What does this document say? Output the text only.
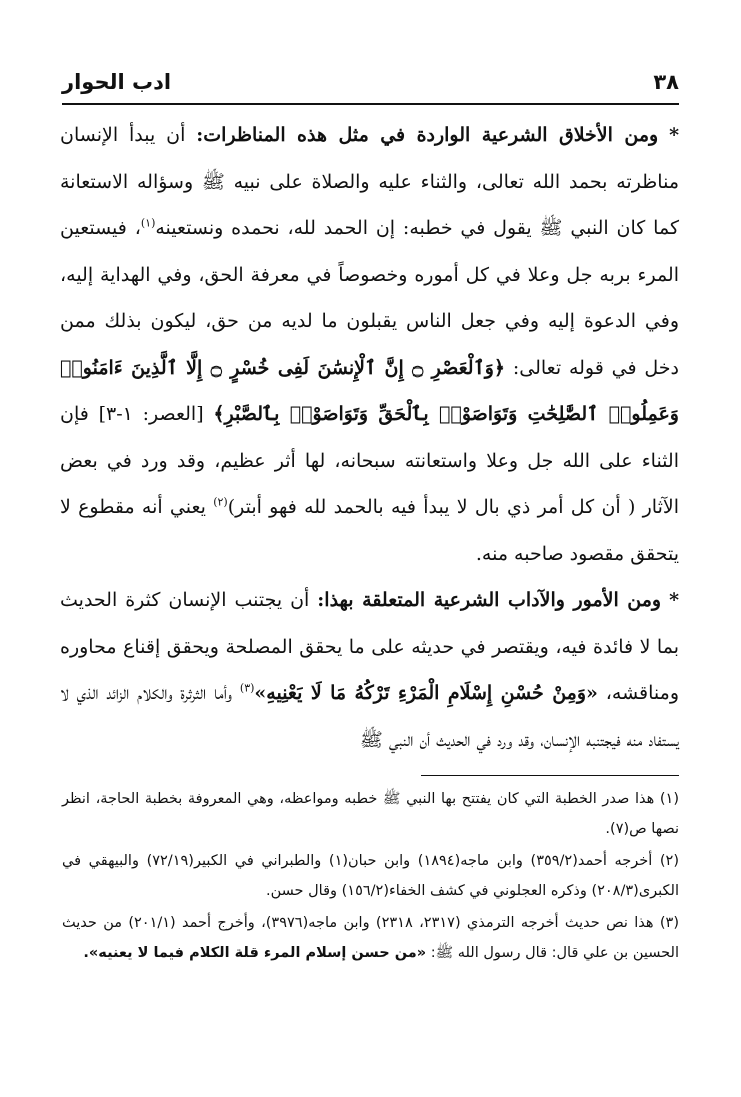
٣٨
ادب الحوار

* ومن الأخلاق الشرعية الواردة في مثل هذه المناظرات: أن يبدأ الإنسان مناظرته بحمد الله تعالى، والثناء عليه والصلاة على نبيه ﷺ وسؤاله الاستعانة كما كان النبي ﷺ يقول في خطبه: إن الحمد لله، نحمده ونستعينه$^{(١)}$، فيستعين المرء بربه جل وعلا في كل أموره وخصوصاً في معرفة الحق، وفي الهداية إليه، وفي الدعوة إليه وفي جعل الناس يقبلون ما لديه من حق، ليكون بذلك ممن دخل في قوله تعالى: ﴿وَٱلْعَصْرِ ۝ إِنَّ ٱلْإِنسَٰنَ لَفِى خُسْرٍ ۝ إِلَّا ٱلَّذِينَ ءَامَنُوا۟ وَعَمِلُوا۟ ٱلصَّٰلِحَٰتِ وَتَوَاصَوْا۟ بِٱلْحَقِّ وَتَوَاصَوْا۟ بِٱلصَّبْرِ﴾ [العصر: ١-٣] فإن الثناء على الله جل وعلا واستعانته سبحانه، لها أثر عظيم، وقد ورد في بعض الآثار ( أن كل أمر ذي بال لا يبدأ فيه بالحمد لله فهو أبتر)$^{(٢)}$ يعني أنه مقطوع لا يتحقق مقصود صاحبه منه.

* ومن الأمور والآداب الشرعية المتعلقة بهذا: أن يجتنب الإنسان كثرة الحديث بما لا فائدة فيه، ويقتصر في حديثه على ما يحقق المصلحة ويحقق إقناع محاوره ومناقشه، «وَمِنْ حُسْنِ إِسْلَامِ الْمَرْءِ تَرْكُهُ مَا لَا يَعْنِيهِ»$^{(٣)}$ وأما الثرثرة والكلام الزائد الذي لا يستفاد منه فيجتنبه الإنسان، وقد ورد في الحديث أن النبي ﷺ

(١) هذا صدر الخطبة التي كان يفتتح بها النبي ﷺ خطبه ومواعظه، وهي المعروفة بخطبة الحاجة، انظر نصها ص(٧).

(٢) أخرجه أحمد(٣٥٩/٢) وابن ماجه(١٨٩٤) وابن حبان(١) والطبراني في الكبير(٧٢/١٩) والبيهقي في الكبرى(٢٠٨/٣) وذكره العجلوني في كشف الخفاء(١٥٦/٢) وقال حسن.

(٣) هذا نص حديث أخرجه الترمذي (٢٣١٧، ٢٣١٨) وابن ماجه(٣٩٧٦)، وأخرج أحمد (٢٠١/١) من حديث الحسين بن علي قال: قال رسول الله ﷺ: «من حسن إسلام المرء قلة الكلام فيما لا يعنيه».
